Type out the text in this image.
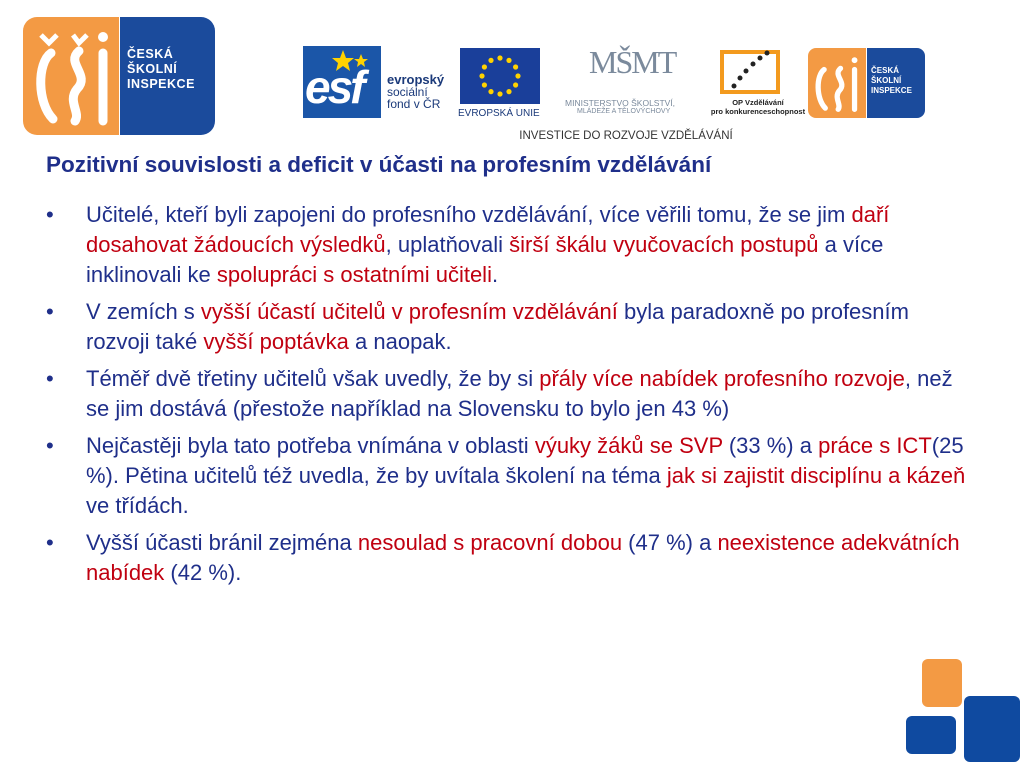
ČESKÁ
ŠKOLNÍ
INSPEKCE esf evropský
sociální
fond v ČR
EVROPSKÁ UNIE
MŠMT
MINISTERSTVO ŠKOLSTVÍ,
MLÁDEŽE A TĚLOVÝCHOVY
OP Vzdělávání
pro konkurenceschopnost
ČESKÁ
ŠKOLNÍ
INSPEKCE
INVESTICE DO ROZVOJE VZDĚLÁVÁNÍ
Pozitivní souvislosti a deficit v účasti na profesním vzdělávání
• Učitelé, kteří byli zapojeni do profesního vzdělávání, více věřili tomu, že se jim daří dosahovat žádoucích výsledků, uplatňovali širší škálu vyučovacích postupů a více inklinovali ke spolupráci s ostatními učiteli.
• V zemích s vyšší účastí učitelů v profesním vzdělávání byla paradoxně po profesním rozvoji také vyšší poptávka a naopak.
• Téměř dvě třetiny učitelů však uvedly, že by si přály více nabídek profesního rozvoje, než se jim dostává (přestože například na Slovensku to bylo jen 43 %)
• Nejčastěji byla tato potřeba vnímána v oblasti výuky žáků se SVP (33 %) a práce s ICT(25 %). Pětina učitelů též uvedla, že by uvítala školení na téma jak si zajistit disciplínu a kázeň ve třídách.
• Vyšší účasti bránil zejména nesoulad s pracovní dobou (47 %) a neexistence adekvátních nabídek (42 %).
